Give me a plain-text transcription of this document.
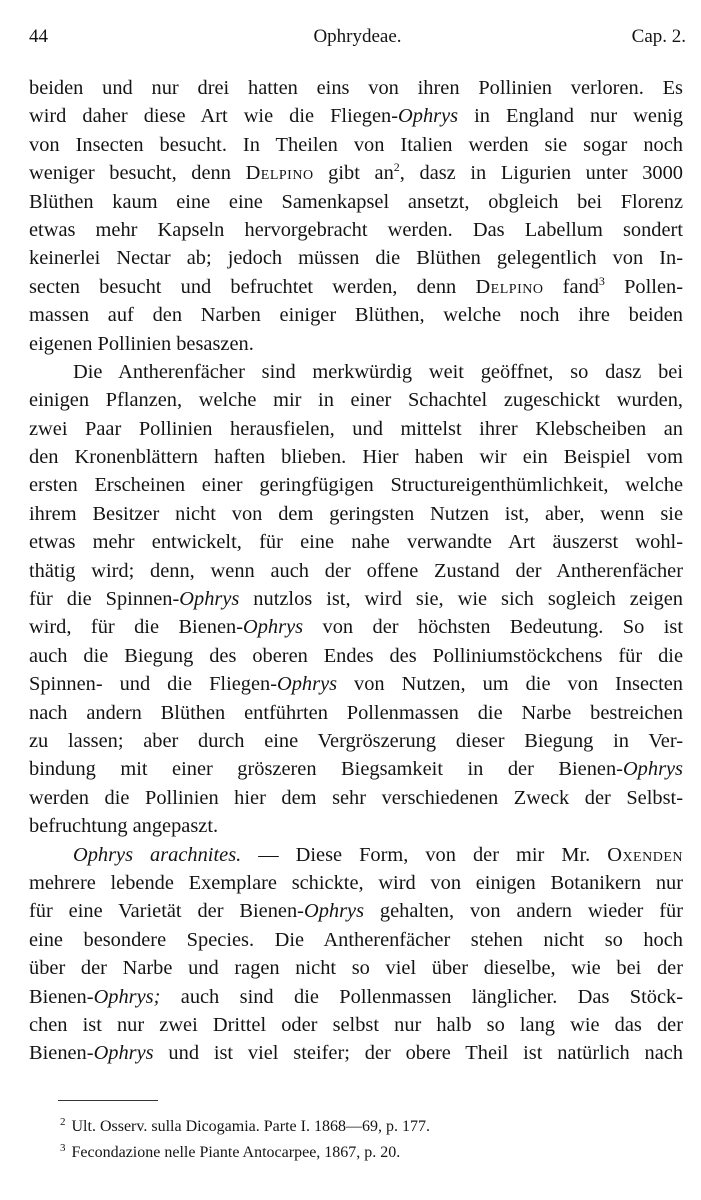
44	Ophrydeae.	Cap. 2.
beiden und nur drei hatten eins von ihren Pollinien verloren. Es
wird daher diese Art wie die Fliegen-Ophrys in England nur wenig
von Insecten besucht. In Theilen von Italien werden sie sogar noch
weniger besucht, denn Delpino gibt $an^2$, dasz in Ligurien unter 3000
Blüthen kaum eine eine Samenkapsel ansetzt, obgleich bei Florenz
etwas mehr Kapseln hervorgebracht werden. Das Labellum sondert
keinerlei Nectar ab; jedoch müssen die Blüthen gelegentlich von In-
secten besucht und befruchtet werden, denn Delpino fand$^3$ Pollen-
massen auf den Narben einiger Blüthen, welche noch ihre beiden
eigenen Pollinien besaszen.
Die Antherenfächer sind merkwürdig weit geöffnet, so dasz bei
einigen Pflanzen, welche mir in einer Schachtel zugeschickt wurden,
zwei Paar Pollinien herausfielen, und mittelst ihrer Klebscheiben an
den Kronenblättern haften blieben. Hier haben wir ein Beispiel vom
ersten Erscheinen einer geringfügigen Structureigenthümlichkeit, welche
ihrem Besitzer nicht von dem geringsten Nutzen ist, aber, wenn sie
etwas mehr entwickelt, für eine nahe verwandte Art äuszerst wohl-
thätig wird; denn, wenn auch der offene Zustand der Antherenfächer
für die Spinnen-Ophrys nutzlos ist, wird sie, wie sich sogleich zeigen
wird, für die Bienen-Ophrys von der höchsten Bedeutung. So ist
auch die Biegung des oberen Endes des Polliniumstöckchens für die
Spinnen- und die Fliegen-Ophrys von Nutzen, um die von Insecten
nach andern Blüthen entführten Pollenmassen die Narbe bestreichen
zu lassen; aber durch eine Vergröszerung dieser Biegung in Ver-
bindung mit einer gröszeren Biegsamkeit in der Bienen-Ophrys
werden die Pollinien hier dem sehr verschiedenen Zweck der Selbst-
befruchtung angepaszt.
Ophrys arachnites. — Diese Form, von der mir Mr. Oxenden
mehrere lebende Exemplare schickte, wird von einigen Botanikern nur
für eine Varietät der Bienen-Ophrys gehalten, von andern wieder für
eine besondere Species. Die Antherenfächer stehen nicht so hoch
über der Narbe und ragen nicht so viel über dieselbe, wie bei der
Bienen-Ophrys; auch sind die Pollenmassen länglicher. Das Stöck-
chen ist nur zwei Drittel oder selbst nur halb so lang wie das der
Bienen-Ophrys und ist viel steifer; der obere Theil ist natürlich nach
$^2$ Ult. Osserv. sulla Dicogamia. Parte I. 1868—69, p. 177.
$^3$ Fecondazione nelle Piante Antocarpee, 1867, p. 20.
